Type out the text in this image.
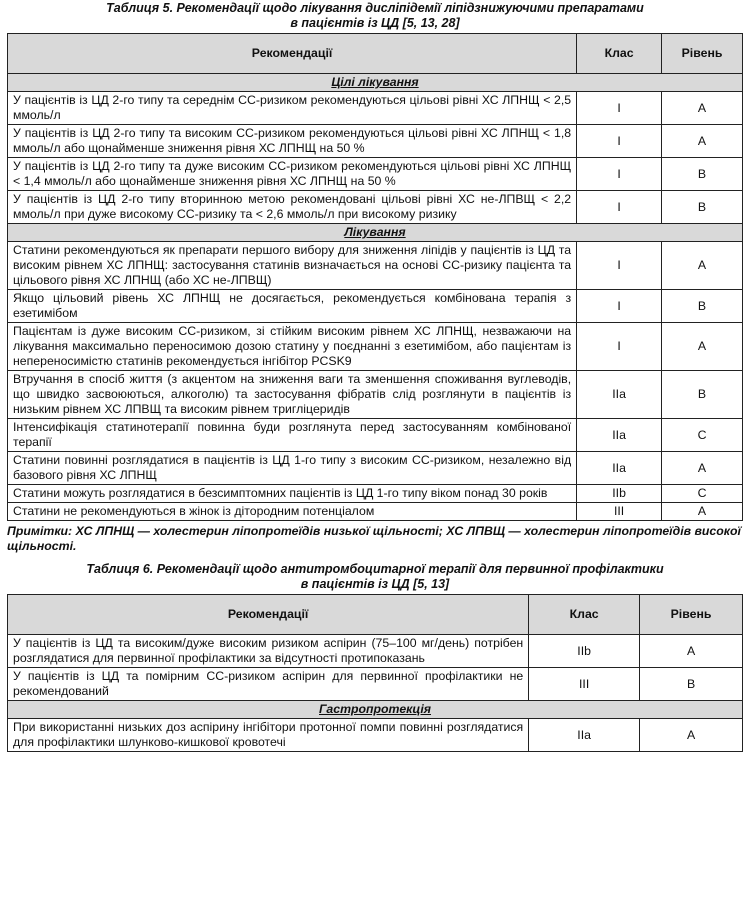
Таблиця 5. Рекомендації щодо лікування дисліпідемії ліпідзнижуючими препаратами
в пацієнтів із ЦД [5, 13, 28]
Рекомендації	Клас	Рівень
Цілі лікування		
У пацієнтів із ЦД 2-го типу та середнім СС-ризиком рекомендуються цільові рівні ХС ЛПНЩ < 2,5 ммоль/л	I	A
У пацієнтів із ЦД 2-го типу та високим СС-ризиком рекомендуються цільові рівні ХС ЛПНЩ < 1,8 ммоль/л або щонайменше зниження рівня ХС ЛПНЩ на 50 %	I	A
У пацієнтів із ЦД 2-го типу та дуже високим СС-ризиком рекомендуються цільові рівні ХС ЛПНЩ < 1,4 ммоль/л або щонайменше зниження рівня ХС ЛПНЩ на 50 %	I	B
У пацієнтів із ЦД 2-го типу вторинною метою рекомендовані цільові рівні ХС не-ЛПВЩ < 2,2 ммоль/л при дуже високому СС-ризику та < 2,6 ммоль/л при високому ризику	I	B
Лікування		
Статини рекомендуються як препарати першого вибору для зниження ліпідів у пацієнтів із ЦД та високим рівнем ХС ЛПНЩ: застосування статинів визначається на основі СС-ризику пацієнта та цільового рівня ХС ЛПНЩ (або ХС не-ЛПВЩ)	I	A
Якщо цільовий рівень ХС ЛПНЩ не досягається, рекомендується комбінована терапія з езетимібом	I	B
Пацієнтам із дуже високим СС-ризиком, зі стійким високим рівнем ХС ЛПНЩ, незважаючи на лікування максимально переносимою дозою статину у поєднанні з езетимібом, або пацієнтам із непереносимістю статинів рекомендується інгібітор PCSK9	I	A
Втручання в спосіб життя (з акцентом на зниження ваги та зменшення споживання вуглеводів, що швидко засвоюються, алкоголю) та застосування фібратів слід розглянути в пацієнтів із низьким рівнем ХС ЛПВЩ та високим рівнем тригліцеридів	IIa	B
Інтенсифікація статинотерапії повинна буди розглянута перед застосуванням комбінованої терапії	IIa	C
Статини повинні розглядатися в пацієнтів із ЦД 1-го типу з високим СС-ризиком, незалежно від базового рівня ХС ЛПНЩ	IIa	A
Статини можуть розглядатися в безсимптомних пацієнтів із ЦД 1-го типу віком понад 30 років	IIb	C
Статини не рекомендуються в жінок із дітородним потенціалом	III	A
Примітки: ХС ЛПНЩ — холестерин ліпопротеїдів низької щільності; ХС ЛПВЩ — холестерин ліпопротеїдів високої щільності.
Таблиця 6. Рекомендації щодо антитромбоцитарної терапії для первинної профілактики
в пацієнтів із ЦД [5, 13]
Рекомендації	Клас	Рівень
У пацієнтів із ЦД та високим/дуже високим ризиком аспірин (75–100 мг/день) потрібен розглядатися для первинної профілактики за відсутності протипоказань	IIb	A
У пацієнтів із ЦД та помірним СС-ризиком аспірин для первинної профілактики не рекомендований	III	B
Гастропротекція		
При використанні низьких доз аспірину інгібітори протонної помпи повинні розглядатися для профілактики шлунково-кишкової кровотечі	IIa	A
